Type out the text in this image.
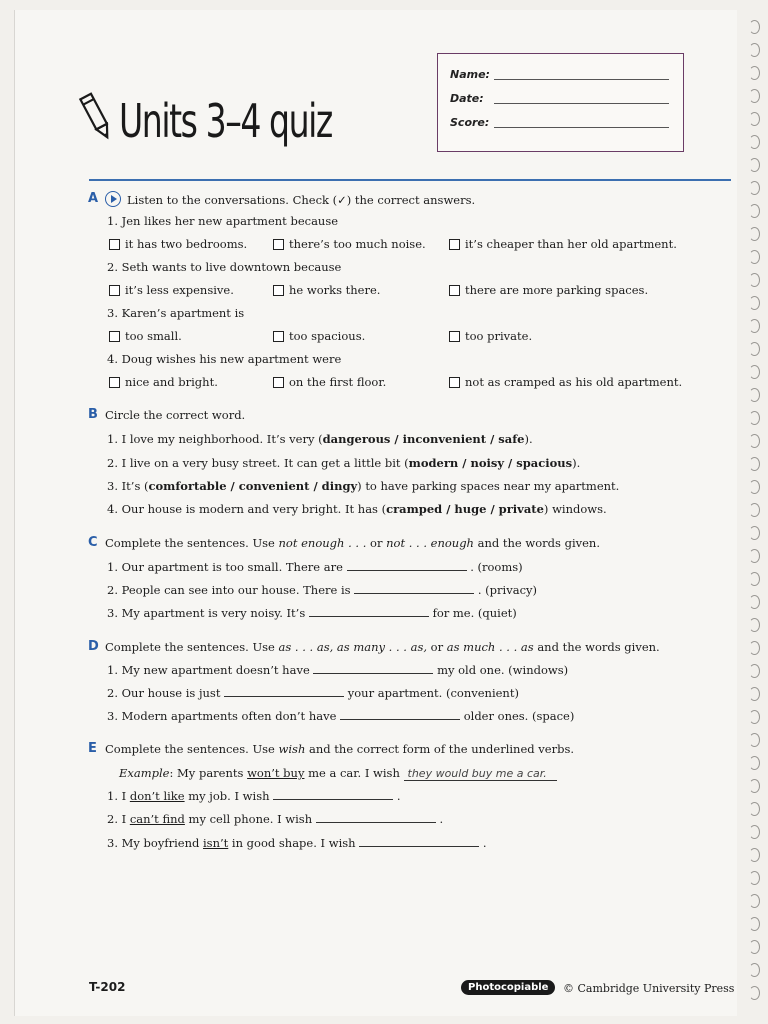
Units 3–4 quiz
Name:
Date:
Score:
A	Listen to the conversations. Check (✓) the correct answers.
1. Jen likes her new apartment because
it has two bedrooms.	there’s too much noise.	it’s cheaper than her old apartment.
2. Seth wants to live downtown because
it’s less expensive.	he works there.	there are more parking spaces.
3. Karen’s apartment is
too small.	too spacious.	too private.
4. Doug wishes his new apartment were
nice and bright.	on the first floor.	not as cramped as his old apartment.
B Circle the correct word.
1. I love my neighborhood. It’s very (dangerous / inconvenient / safe).
2. I live on a very busy street. It can get a little bit (modern / noisy / spacious).
3. It’s (comfortable / convenient / dingy) to have parking spaces near my apartment.
4. Our house is modern and very bright. It has (cramped / huge / private) windows.
C Complete the sentences. Use not enough . . . or not . . . enough and the words given.
1. Our apartment is too small. There are	. (rooms)
2. People can see into our house. There is	. (privacy)
3. My apartment is very noisy. It’s	for me. (quiet)
D Complete the sentences. Use as . . . as, as many . . . as, or as much . . . as and the words given.
1. My new apartment doesn’t have	my old one. (windows)
2. Our house is just	your apartment. (convenient)
3. Modern apartments often don’t have	older ones. (space)
E Complete the sentences. Use wish and the correct form of the underlined verbs.
Example: My parents won’t buy me a car. I wish they would buy me a car.
1. I don’t like my job. I wish	.
2. I can’t find my cell phone. I wish	.
3. My boyfriend isn’t in good shape. I wish	.
T-202	Photocopiable	© Cambridge University Press
